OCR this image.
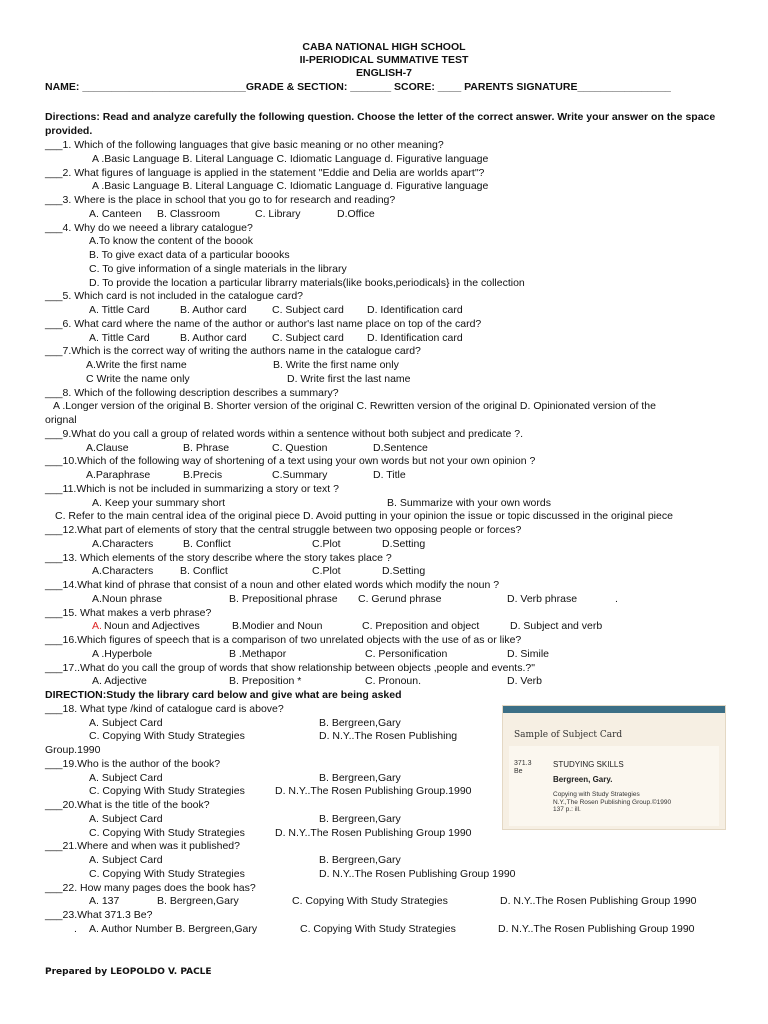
CABA NATIONAL HIGH SCHOOL
II-PERIODICAL SUMMATIVE TEST
ENGLISH-7
NAME: ____________________________GRADE & SECTION: _______ SCORE: ____ PARENTS SIGNATURE________________
Directions: Read and analyze carefully the following question. Choose the letter of the correct answer. Write your answer on the space provided.
___1. Which of the following languages that give basic meaning or no other meaning?
A .Basic Language B. Literal Language C. Idiomatic Language d. Figurative language
___2. What figures of language is applied in the statement "Eddie and Delia are worlds apart"?
A .Basic Language B. Literal Language C. Idiomatic Language d. Figurative language
___3. Where is the place in school that you go to for research and reading?
A. Canteen B. Classroom	C. Library	D.Office
___4. Why do we neeed a library catalogue?
A.To know the content of the boook
B. To give exact data of a particular boooks
C. To give information of a single materials in the library
D. To provide the location a particular librarry materials(like books,periodicals} in the collection
___5. Which card is not included in the catalogue card?
A. Tittle Card	B. Author card C. Subject card D. Identification card
___6. What card where the name of the author or author's last name place on top of the card?
A. Tittle Card	B. Author card C. Subject card D. Identification card
___7.Which is the correct way of writing the authors name in the catalogue card?
A.Write the first name	B. Write the first name only
C Write the name only	D. Write first the last name
___8. Which of the following description describes a summary?
A .Longer version of the original B. Shorter version of the original C. Rewritten version of the original D. Opinionated version of the
orignal
___9.What do you call a group of related words within a sentence without both subject and predicate ?.
A.Clause	B. Phrase	C. Question	D.Sentence
___10.Which of the following way of shortening of a text using your own words but not your own opinion ?
A.Paraphrase	B.Precis	C.Summary	D. Title
___11.Which is not be included in summarizing a story or text ?
A. Keep your summary short	B. Summarize with your own words
C. Refer to the main central idea of the original piece D. Avoid putting in your opinion the issue or topic discussed in the original piece
___12.What part of elements of story that the central struggle between two opposing people or forces?
A.Characters	B. Conflict	C.Plot	D.Setting
___13. Which elements of the story describe where the story takes place ?
A.Characters	B. Conflict	C.Plot	D.Setting
___14.What kind of phrase that consist of a noun and other elated words which modify the noun ?
A.Noun phrase	B. Prepositional phrase C. Gerund phrase	D. Verb phrase	.
___15. What makes a verb phrase?
A. Noun and Adjectives	B.Modier and Noun	C. Preposition and object	D. Subject and verb
___16.Which figures of speech that is a comparison of two unrelated objects with the use of as or like?
A .Hyperbole	B .Methapor	C. Personification	D. Simile
___17..What do you call the group of words that show relationship between objects ,people and events.?"
A. Adjective	B. Preposition *	C. Pronoun.	D. Verb
DIRECTION:Study the library card below and give what are being asked
___18. What type /kind of catalogue card is above?
A. Subject Card	B. Bergreen,Gary
C. Copying With Study Strategies	D. N.Y..The Rosen Publishing
Group.1990
___19.Who is the author of the book?
A. Subject Card	B. Bergreen,Gary
C. Copying With Study Strategies	D. N.Y..The Rosen Publishing Group.1990
___20.What is the title of the book?
A. Subject Card	B. Bergreen,Gary
C. Copying With Study Strategies	D. N.Y..The Rosen Publishing Group 1990
___21.Where and when was it published?
A. Subject Card	B. Bergreen,Gary
C. Copying With Study Strategies	D. N.Y..The Rosen Publishing Group 1990
___22. How many pages does the book has?
A. 137	B. Bergreen,Gary	C. Copying With Study Strategies	D. N.Y..The Rosen Publishing Group 1990
___23.What 371.3 Be?
. A. Author Number B. Bergreen,Gary	C. Copying With Study Strategies	D. N.Y..The Rosen Publishing Group 1990
Sample of Subject Card
371.3
Be
STUDYING SKILLS
Bergreen, Gary.
Copying with Study Strategies
N.Y.,The Rosen Publishing Group.©1990
137 p.: ill.
Prepared by LEOPOLDO V. PACLE
